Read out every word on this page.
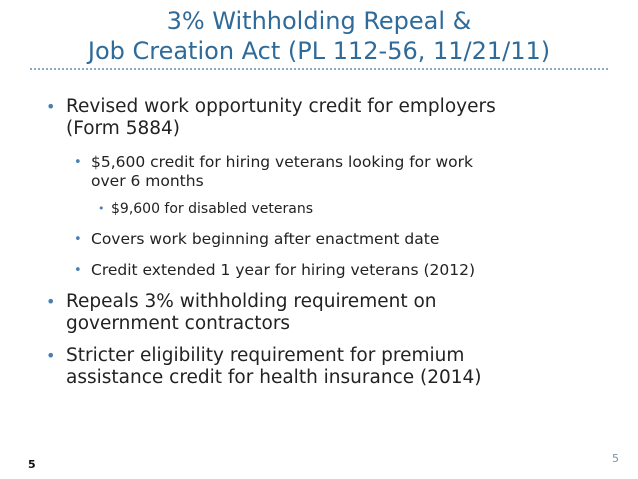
3% Withholding Repeal &
Job Creation Act (PL 112-56, 11/21/11)
• Revised work opportunity credit for employers
(Form 5884)
• $5,600 credit for hiring veterans looking for work
over 6 months
• $9,600 for disabled veterans
• Covers work beginning after enactment date
• Credit extended 1 year for hiring veterans (2012)
• Repeals 3% withholding requirement on
government contractors
• Stricter eligibility requirement for premium
assistance credit for health insurance (2014)
5	5
